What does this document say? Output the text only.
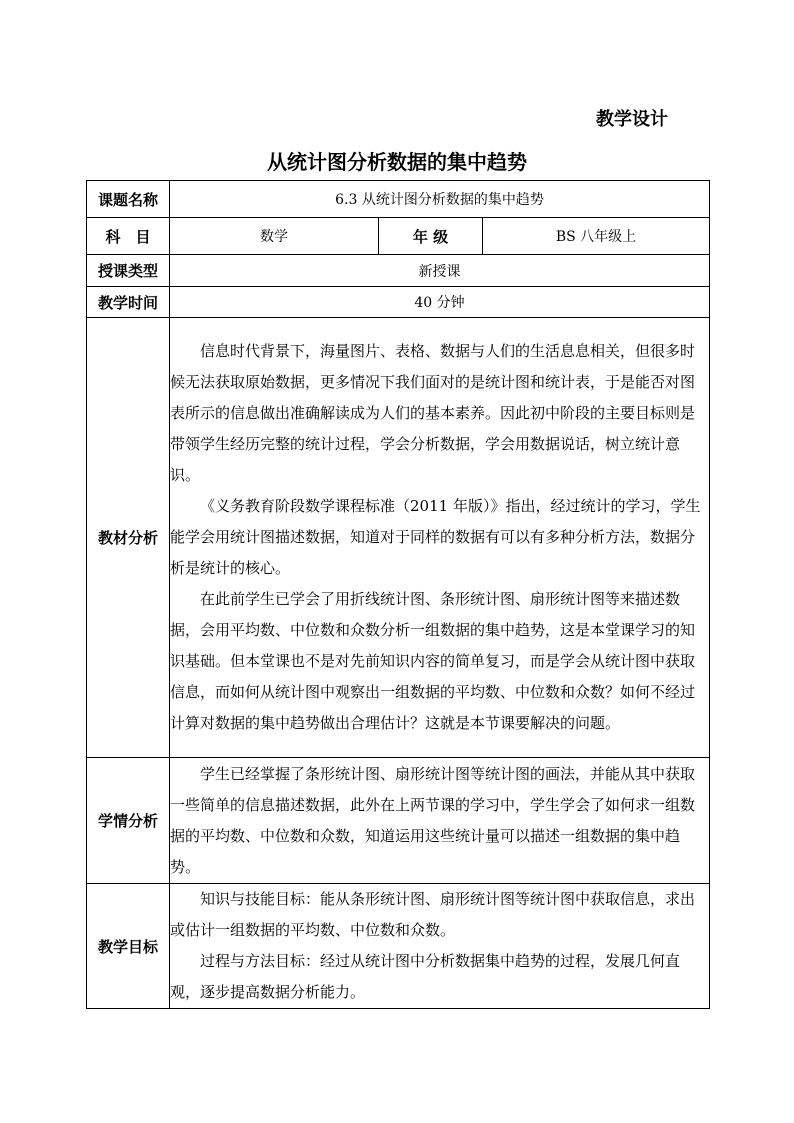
教学设计
从统计图分析数据的集中趋势
课题名称	6.3 从统计图分析数据的集中趋势		
科　目	数学	年 级	BS 八年级上
授课类型	新授课		
教学时间	40 分钟		
教材分析	信息时代背景下，海量图片、表格、数据与人们的生活息息相关，但很多时候无法获取原始数据，更多情况下我们面对的是统计图和统计表，于是能否对图表所示的信息做出准确解读成为人们的基本素养。因此初中阶段的主要目标则是带领学生经历完整的统计过程，学会分析数据，学会用数据说话，树立统计意识。

《义务教育阶段数学课程标准（2011 年版）》指出，经过统计的学习，学生能学会用统计图描述数据，知道对于同样的数据有可以有多种分析方法，数据分析是统计的核心。

在此前学生已学会了用折线统计图、条形统计图、扇形统计图等来描述数据，会用平均数、中位数和众数分析一组数据的集中趋势，这是本堂课学习的知识基础。但本堂课也不是对先前知识内容的简单复习，而是学会从统计图中获取信息，而如何从统计图中观察出一组数据的平均数、中位数和众数？如何不经过计算对数据的集中趋势做出合理估计？这就是本节课要解决的问题。		

学情分析	学生已经掌握了条形统计图、扇形统计图等统计图的画法，并能从其中获取一些简单的信息描述数据，此外在上两节课的学习中，学生学会了如何求一组数据的平均数、中位数和众数，知道运用这些统计量可以描述一组数据的集中趋势。		

教学目标	知识与技能目标：能从条形统计图、扇形统计图等统计图中获取信息，求出或估计一组数据的平均数、中位数和众数。

过程与方法目标：经过从统计图中分析数据集中趋势的过程，发展几何直观，逐步提高数据分析能力。		
